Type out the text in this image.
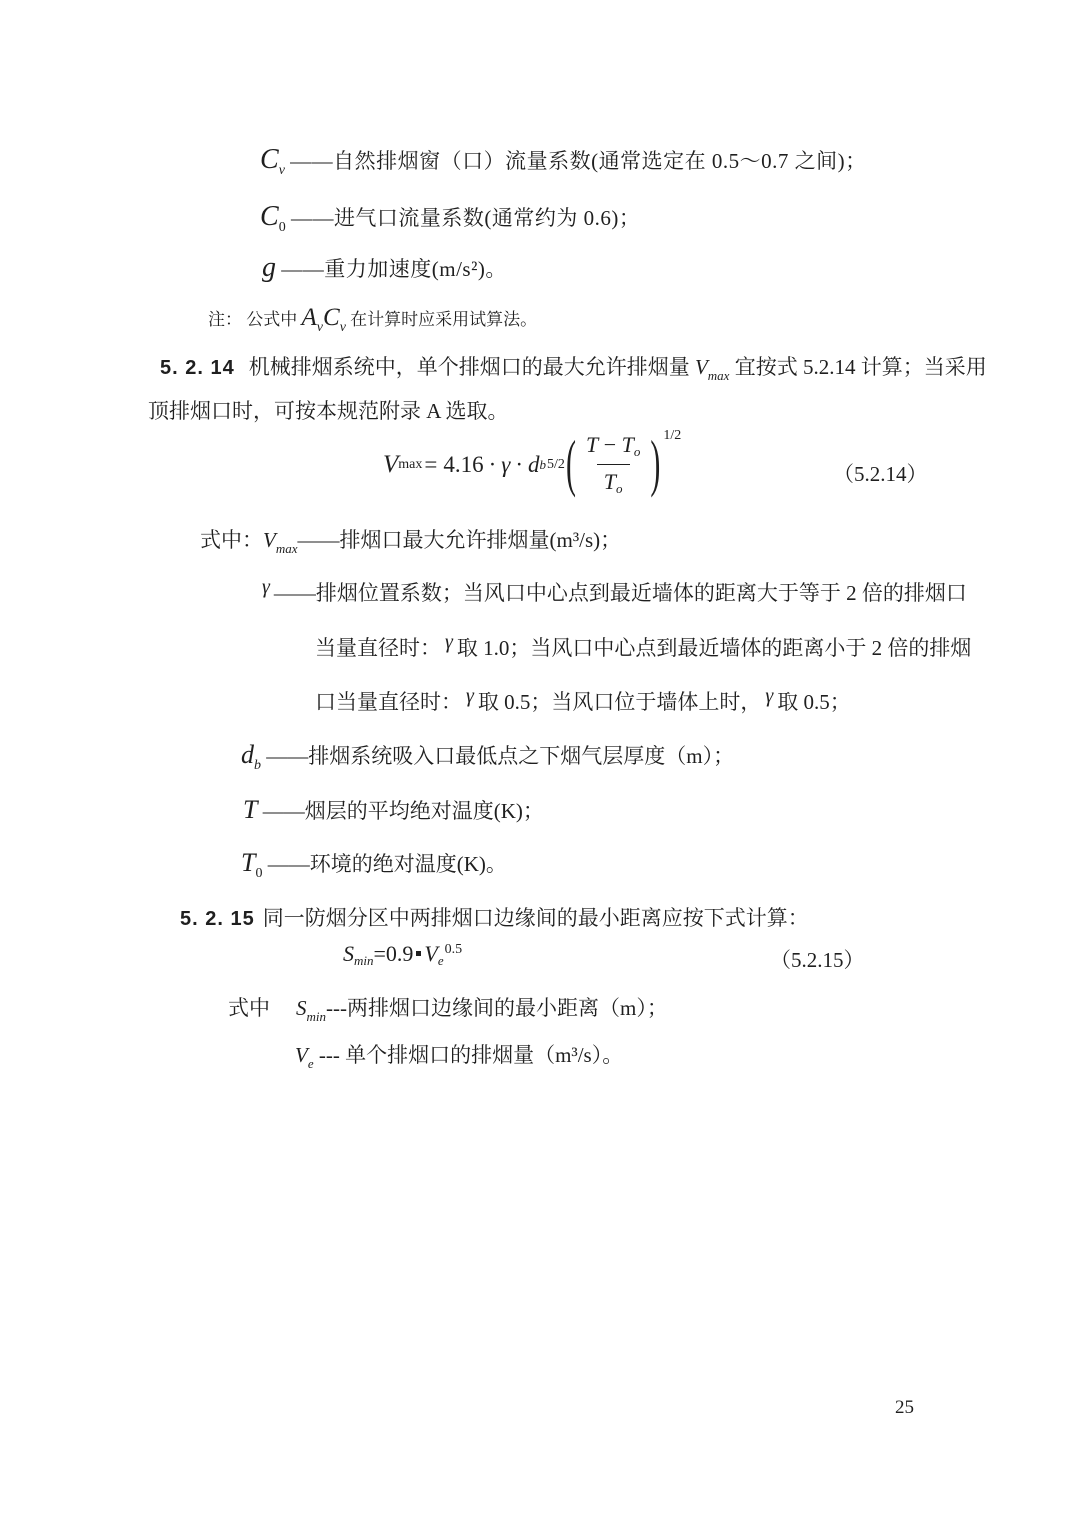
$C_v$ ——自然排烟窗（口）流量系数(通常选定在 0.5～0.7 之间)；
$C_0$ ——进气口流量系数(通常约为 0.6)；
g ——重力加速度(m/s²)。
注： 公式中 $A_vC_v$ 在计算时应采用试算法。
5. 2. 14 机械排烟系统中，单个排烟口的最大允许排烟量 $V_{max}$ 宜按式 5.2.14 计算；当采用
顶排烟口时，可按本规范附录 A 选取。
V max = 4.16 · γ · d b 5/2 ( $\frac{T - To}{To}$ ) 1/2
（5.2.14）
式中：$V_{max}——$排烟口最大允许排烟量(m³/s)；
γ ——排烟位置系数；当风口中心点到最近墙体的距离大于等于 2 倍的排烟口
当量直径时： γ 取 1.0；当风口中心点到最近墙体的距离小于 2 倍的排烟
口当量直径时： γ 取 0.5；当风口位于墙体上时， γ 取 0.5；
$d_b$ ——排烟系统吸入口最低点之下烟气层厚度（m）；
T ——烟层的平均绝对温度(K)；
$T_0$ ——环境的绝对温度(K)。
5. 2. 15 同一防烟分区中两排烟口边缘间的最小距离应按下式计算：
Smin=0.9 $Ve^{0.5}$	（5.2.15）
式中 $S_{min}---$两排烟口边缘间的最小距离（m）；
$V_e$ --- 单个排烟口的排烟量（m³/s）。
25
